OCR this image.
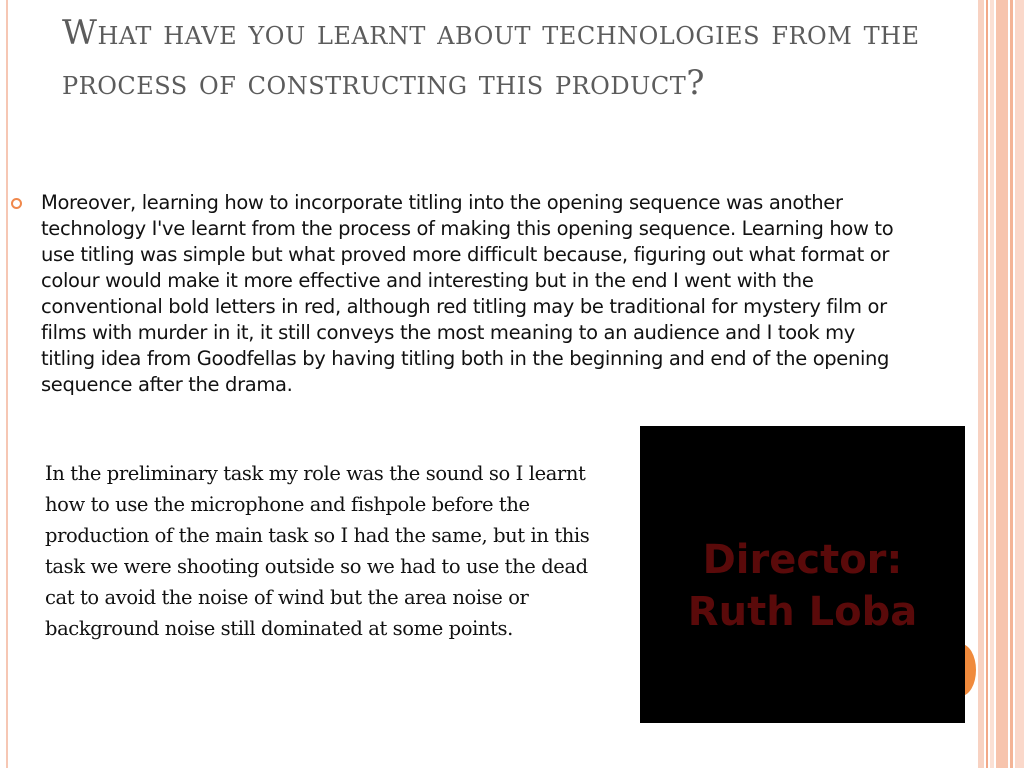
What have you learnt about technologies from the process of constructing this product?

Moreover, learning how to incorporate titling into the opening sequence was another technology I've learnt from the process of making this opening sequence. Learning how to use titling was simple but what proved more difficult because, figuring out what format or colour would make it more effective and interesting but in the end I went with the conventional bold letters in red, although red titling may be traditional for mystery film or films with murder in it, it still conveys the most meaning to an audience and I took my titling idea from Goodfellas by having titling both in the beginning and end of the opening sequence after the drama.

In the preliminary task my role was the sound so I learnt how to use the microphone and fishpole before the production of the main task so I had the same, but in this task we were shooting outside so we had to use the dead cat to avoid the noise of wind but the area noise or background noise still dominated at some points.

Director:
Ruth Loba
